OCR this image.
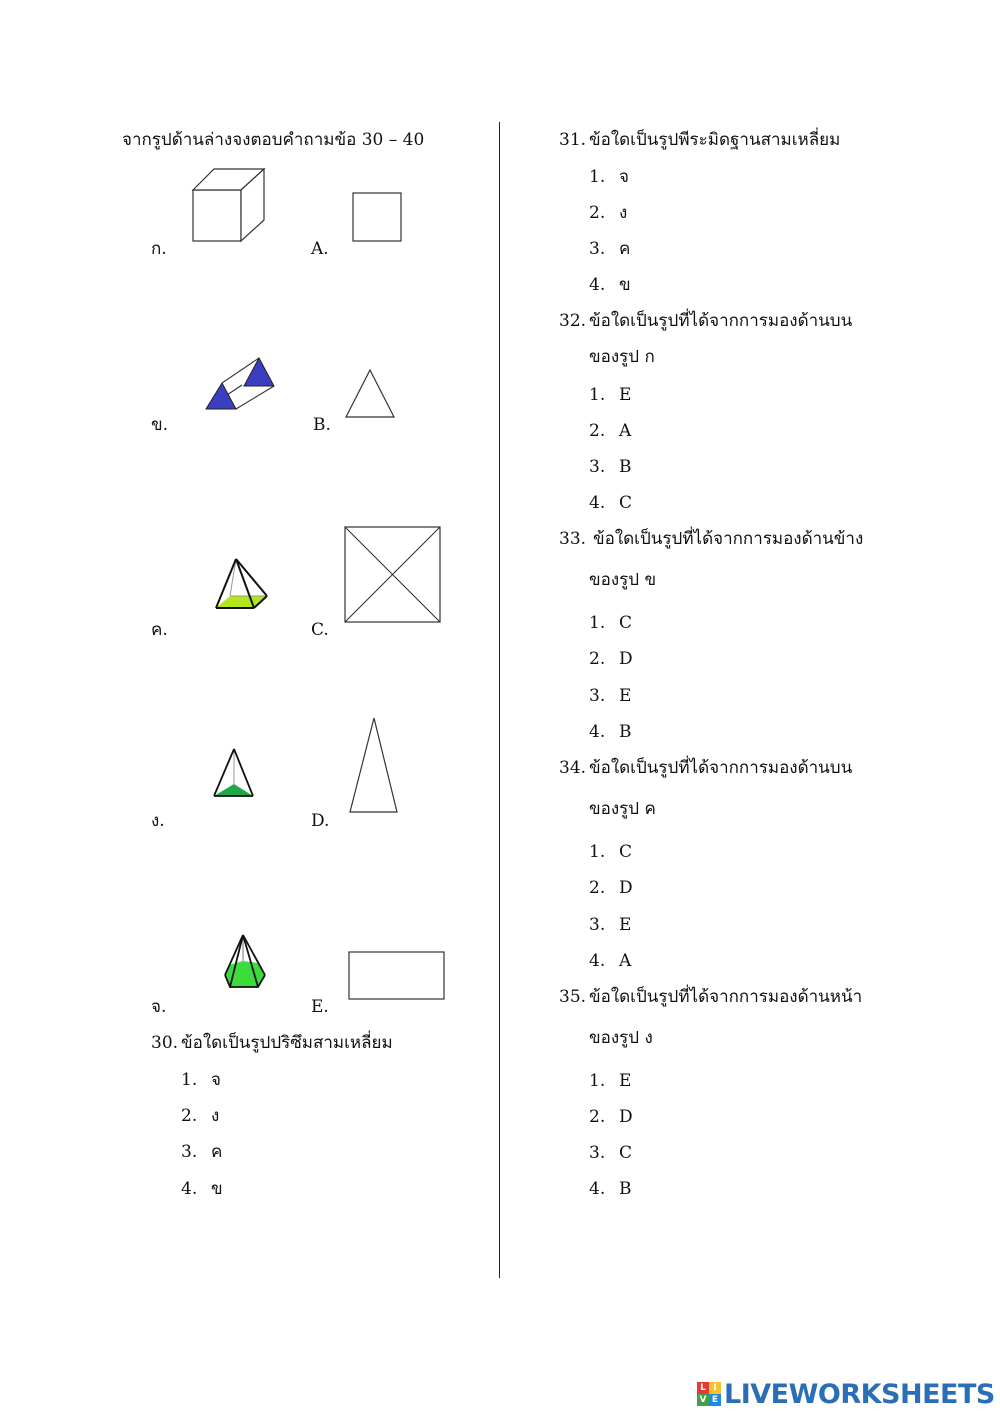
จากรูปด้านล่างจงตอบคำถามข้อ 30 – 40
ก.
ข.
ค.
ง.
จ.
A.
B.
C.
D.
E.
30. ข้อใดเป็นรูปปริซึมสามเหลี่ยม
1. จ
2. ง
3. ค
4. ข
31. ข้อใดเป็นรูปพีระมิดฐานสามเหลี่ยม
1. จ
2. ง
3. ค
4. ข
32. ข้อใดเป็นรูปที่ได้จากการมองด้านบน
ของรูป ก
1. E
2. A
3. B
4. C
33. ข้อใดเป็นรูปที่ได้จากการมองด้านข้าง
ของรูป ข
1. C
2. D
3. E
4. B
34. ข้อใดเป็นรูปที่ได้จากการมองด้านบน
ของรูป ค
1. C
2. D
3. E
4. A
35. ข้อใดเป็นรูปที่ได้จากการมองด้านหน้า
ของรูป ง
1. E
2. D
3. C
4. B
L I
V E LIVEWORKSHEETS
